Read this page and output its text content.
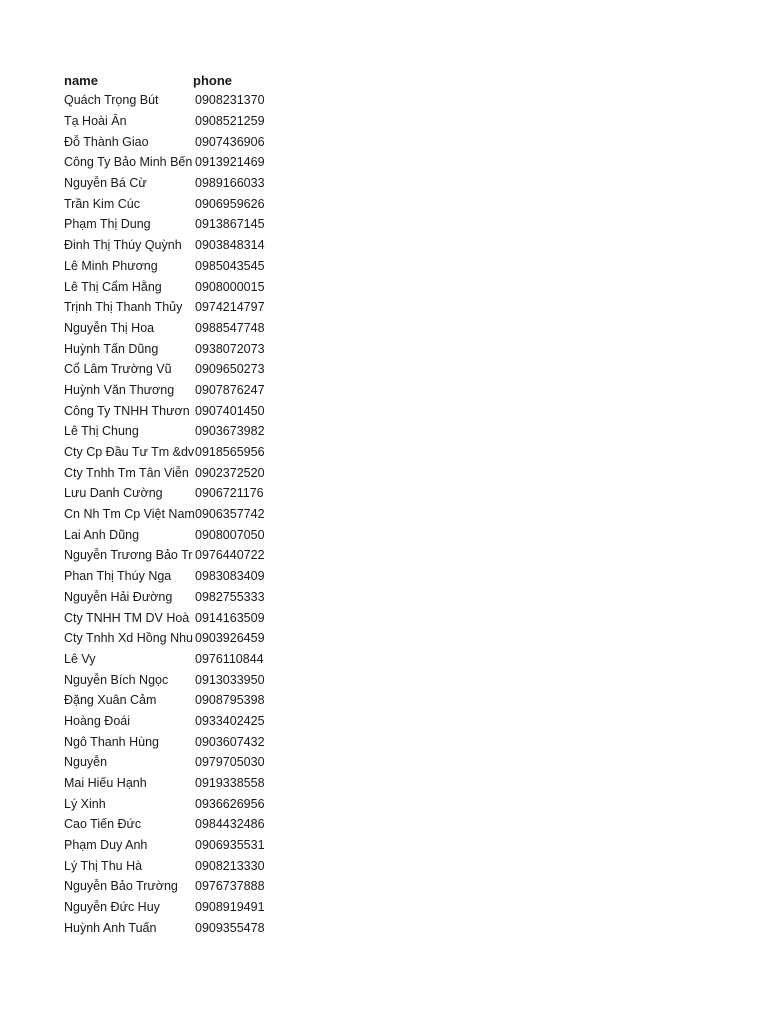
name	phone
Quách Trọng Bút	0908231370
Tạ Hoài Ân	0908521259
Đỗ Thành Giao	0907436906
Công Ty Bảo Minh Bến 0913921469
Nguyễn Bá Cừ	0989166033
Trần Kim Cúc	0906959626
Phạm Thị Dung	0913867145
Đinh Thị Thúy Quỳnh	0903848314
Lê Minh Phương	0985043545
Lê Thị Cẩm Hằng	0908000015
Trịnh Thị Thanh Thủy	0974214797
Nguyễn Thị Hoa	0988547748
Huỳnh Tấn Dũng	0938072073
Cổ Lâm Trường Vũ	0909650273
Huỳnh Văn Thương	0907876247
Công Ty TNHH Thươn 0907401450
Lê Thị Chung	0903673982
Cty Cp Đầu Tư Tm &dv 0918565956
Cty Tnhh Tm Tân Viễn 0902372520
Lưu Danh Cường	0906721176
Cn Nh Tm Cp Việt Nam 0906357742
Lai Anh Dũng	0908007050
Nguyễn Trương Bảo Tr 0976440722
Phan Thị Thúy Nga	0983083409
Nguyễn Hải Đường	0982755333
Cty TNHH TM DV Hoà 0914163509
Cty Tnhh Xd Hồng Nhu 0903926459
Lê Vy	0976110844
Nguyễn Bích Ngọc	0913033950
Đặng Xuân Cảm	0908795398
Hoàng Đoái	0933402425
Ngô Thanh Hùng	0903607432
Nguyễn	0979705030
Mai Hiếu Hạnh	0919338558
Lý Xinh	0936626956
Cao Tiến Đức	0984432486
Phạm Duy Anh	0906935531
Lý Thị Thu Hà	0908213330
Nguyễn Bảo Trường	0976737888
Nguyễn Đức Huy	0908919491
Huỳnh Anh Tuấn	0909355478
